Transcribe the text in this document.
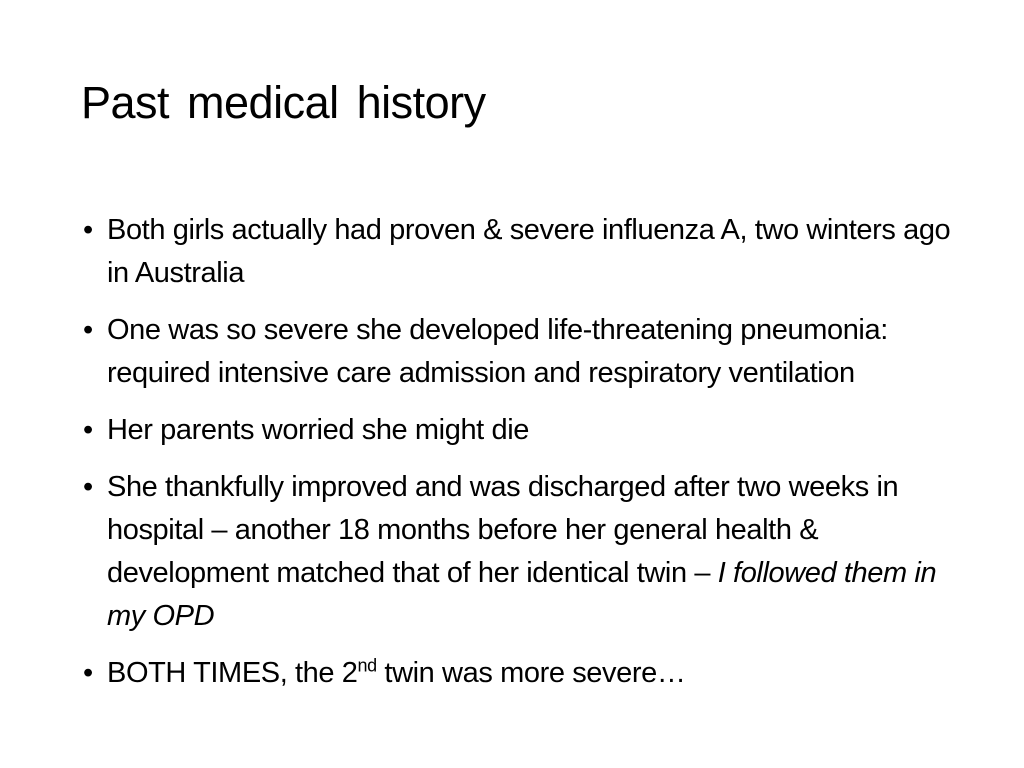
Past medical history
• Both girls actually had proven & severe influenza A, two winters ago in Australia
• One was so severe she developed life-threatening pneumonia: required intensive care admission and respiratory ventilation
• Her parents worried she might die
• She thankfully improved and was discharged after two weeks in hospital – another 18 months before her general health & development matched that of her identical twin – I followed them in my OPD
• BOTH TIMES, the 2nd twin was more severe…
